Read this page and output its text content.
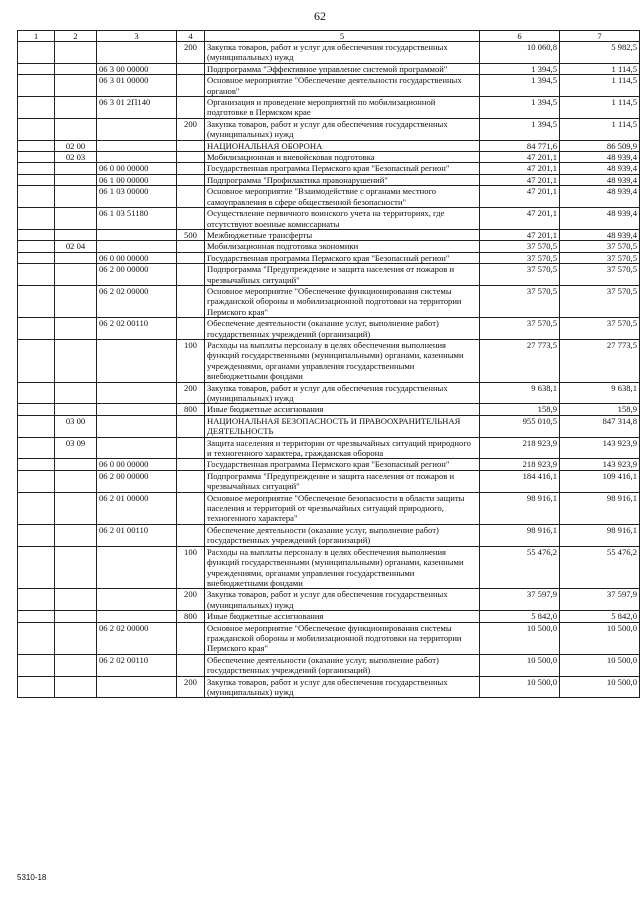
62
1	2	3	4	5	6	7
			200	Закупка товаров, работ и услуг для обеспечения государственных (муниципальных) нужд	10 060,8	5 982,5
		06 3 00 00000		Подпрограмма "Эффективное управление системой программой"	1 394,5	1 114,5
		06 3 01 00000		Основное мероприятие "Обеспечение деятельности государственных органов"	1 394,5	1 114,5
		06 3 01 2П140		Организация и проведение мероприятий по мобилизационной подготовке в Пермском крае	1 394,5	1 114,5
			200	Закупка товаров, работ и услуг для обеспечения государственных (муниципальных) нужд	1 394,5	1 114,5
	02 00			НАЦИОНАЛЬНАЯ ОБОРОНА	84 771,6	86 509,9
	02 03			Мобилизационная и вневойсковая подготовка	47 201,1	48 939,4
		06 0 00 00000		Государственная программа Пермского края "Безопасный регион"	47 201,1	48 939,4
		06 1 00 00000		Подпрограмма "Профилактика правонарушений"	47 201,1	48 939,4
		06 1 03 00000		Основное мероприятие "Взаимодействие с органами местного самоуправления в сфере общественной безопасности"	47 201,1	48 939,4
		06 1 03 51180		Осуществление первичного воинского учета на территориях, где отсутствуют военные комиссариаты	47 201,1	48 939,4
			500	Межбюджетные трансферты	47 201,1	48 939,4
	02 04			Мобилизационная подготовка экономики	37 570,5	37 570,5
		06 0 00 00000		Государственная программа Пермского края "Безопасный регион"	37 570,5	37 570,5
		06 2 00 00000		Подпрограмма "Предупреждение и защита населения от пожаров и чрезвычайных ситуаций"	37 570,5	37 570,5
		06 2 02 00000		Основное мероприятие "Обеспечение функционирования системы гражданской обороны и мобилизационной подготовки на территории Пермского края"	37 570,5	37 570,5
		06 2 02 00110		Обеспечение деятельности (оказание услуг, выполнение работ) государственных учреждений (организаций)	37 570,5	37 570,5
			100	Расходы на выплаты персоналу в целях обеспечения выполнения функций государственными (муниципальными) органами, казенными учреждениями, органами управления государственными внебюджетными фондами	27 773,5	27 773,5
			200	Закупка товаров, работ и услуг для обеспечения государственных (муниципальных) нужд	9 638,1	9 638,1
			800	Иные бюджетные ассигнования	158,9	158,9
	03 00			НАЦИОНАЛЬНАЯ БЕЗОПАСНОСТЬ И ПРАВООХРАНИТЕЛЬНАЯ ДЕЯТЕЛЬНОСТЬ	955 010,5	847 314,8
	03 09			Защита населения и территории от чрезвычайных ситуаций природного и техногенного характера, гражданская оборона	218 923,9	143 923,9
		06 0 00 00000		Государственная программа Пермского края "Безопасный регион"	218 923,9	143 923,9
		06 2 00 00000		Подпрограмма "Предупреждение и защита населения от пожаров и чрезвычайных ситуаций"	184 416,1	109 416,1
		06 2 01 00000		Основное мероприятие "Обеспечение безопасности в области защиты населения и территорий от чрезвычайных ситуаций природного, техногенного характера"	98 916,1	98 916,1
		06 2 01 00110		Обеспечение деятельности (оказание услуг, выполнение работ) государственных учреждений (организаций)	98 916,1	98 916,1
			100	Расходы на выплаты персоналу в целях обеспечения выполнения функций государственными (муниципальными) органами, казенными учреждениями, органами управления государственными внебюджетными фондами	55 476,2	55 476,2
			200	Закупка товаров, работ и услуг для обеспечения государственных (муниципальных) нужд	37 597,9	37 597,9
			800	Иные бюджетные ассигнования	5 842,0	5 842,0
		06 2 02 00000		Основное мероприятие "Обеспечение функционирования системы гражданской обороны и мобилизационной подготовки на территории Пермского края"	10 500,0	10 500,0
		06 2 02 00110		Обеспечение деятельности (оказание услуг, выполнение работ) государственных учреждений (организаций)	10 500,0	10 500,0
			200	Закупка товаров, работ и услуг для обеспечения государственных (муниципальных) нужд	10 500,0	10 500,0
5310-18
